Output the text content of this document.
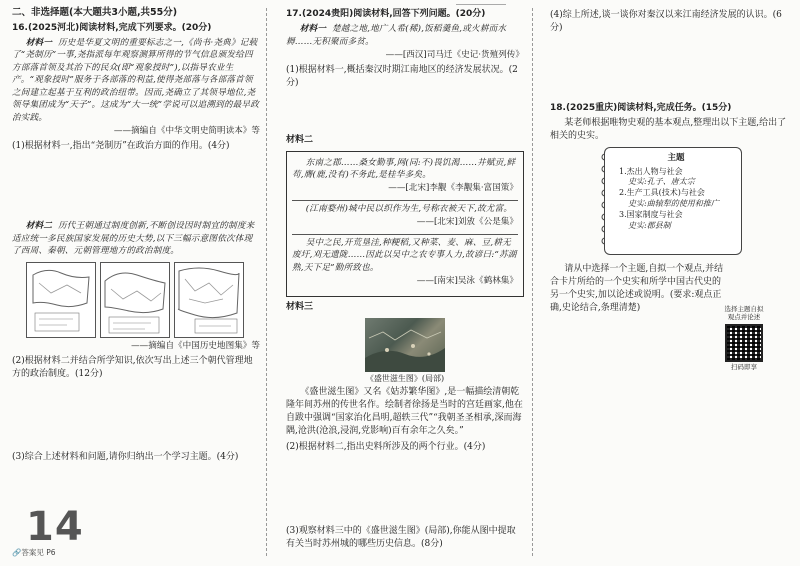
二、非选择题(本大题共3小题,共55分)
16.(2025河北)阅读材料,完成下列要求。(20分)

材料一 历史是华夏文明的重要标志之一,《尚书·尧典》记载了“尧制历”一事,尧指派每年观察测算所得的节气信息颁发给四方部落首领及其治下的民众(即“观象授时”),以指导农业生产。“观象授时”服务于各部落的利益,使得尧部落与各部落首领之间建立起基于互利的政治纽带。因而,尧确立了其领导地位,尧领导集团成为“天子”。这成为“大一统”学说可以追溯到的最早政治实践。

——摘编自《中华文明史简明读本》等
(1)根据材料一,指出“尧制历”在政治方面的作用。(4分)

材料二 历代王朝通过制度创新,不断创设因时制宜的制度来适应统一多民族国家发展的历史大势,以下三幅示意图依次体现了西周、秦朝、元朝管理地方的政治制度。

——摘编自《中国历史地图集》等
(2)根据材料二并结合所学知识,依次写出上述三个朝代管理地方的政治制度。(12分)
(3)综合上述材料和问题,请你归纳出一个学习主题。(4分)
14
🔗答案见 P6
17.(2024贵阳)阅读材料,回答下列问题。(20分)

材料一 楚越之地,地广人希(稀),饭稻羹鱼,或火耕而水耨……无积聚而多贫。

——[西汉]司马迁《史记·货殖列传》
(1)根据材料一,概括秦汉时期江南地区的经济发展状况。(2分)
材料二

东南之郡……桑女勤事,网(同:不)畏饥渴……井赋贡,鲜苟,膺(鹿,没有)不务此,是桂华多矣。

——[北宋]李觏《李觏集·富国策》

(江南婺州)城中民以织作为生,号称衣被天下,故尤富。

——[北宋]刘攽《公是集》

吴中之民,开荒垦洼,种粳稻,又种菜、麦、麻、豆,耕无废圩,刈无遗陇……因此以吴中之农专事人力,故谚曰:“苏湖熟,天下足”勤所致也。

——[南宋]吴泳《鹤林集》
材料三
《盛世滋生图》(局部)

《盛世滋生图》又名《姑苏繁华图》,是一幅描绘清朝乾隆年间苏州的传世名作。绘制者徐扬是当时的宫廷画家,他在自跋中强调“国家治化昌明,超轶三代”“我朝圣圣相承,深而海隅,沧洪(沧浪,浸润,党影响)百有余年之久矣。”

(2)根据材料二,指出史料所涉及的两个行业。(4分)
(3)观察材料三中的《盛世滋生图》(局部),你能从图中提取有关当时苏州城的哪些历史信息。(8分)
(4)综上所述,谈一谈你对秦汉以来江南经济发展的认识。(6分)
18.(2025重庆)阅读材料,完成任务。(15分)

某老师根据唯物史观的基本观点,整理出以下主题,给出了相关的史实。

主题
1.杰出人物与社会
史实:孔子、唐太宗
2.生产工具(技术)与社会
史实:曲辕犁的使用和推广
3.国家制度与社会
史实:郡县制

请从中选择一个主题,自拟一个观点,并结合卡片所给的一个史实和所学中国古代史的另一个史实,加以论述或说明。(要求:观点正确,史论结合,条理清楚)	选择主题自拟
观点并论述
扫码即享
